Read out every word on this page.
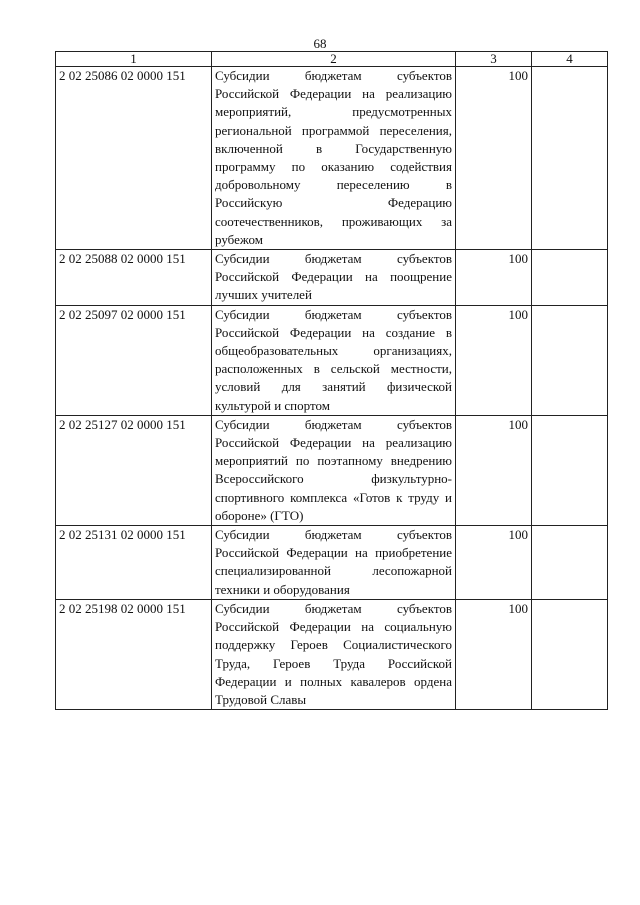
68
1	2	3	4
2 02 25086 02 0000 151	Субсидии бюджетам субъектов Российской Федерации на реализацию мероприятий, предусмотренных региональной программой переселения, включенной в Государственную программу по оказанию содействия добровольному переселению в Российскую Федерацию соотечественников, проживающих за рубежом	100	
2 02 25088 02 0000 151	Субсидии бюджетам субъектов Российской Федерации на поощрение лучших учителей	100	
2 02 25097 02 0000 151	Субсидии бюджетам субъектов Российской Федерации на создание в общеобразовательных организациях, расположенных в сельской местности, условий для занятий физической культурой и спортом	100	
2 02 25127 02 0000 151	Субсидии бюджетам субъектов Российской Федерации на реализацию мероприятий по поэтапному внедрению Всероссийского физкультурно-спортивного комплекса «Готов к труду и обороне» (ГТО)	100	
2 02 25131 02 0000 151	Субсидии бюджетам субъектов Российской Федерации на приобретение специализированной лесопожарной техники и оборудования	100	
2 02 25198 02 0000 151	Субсидии бюджетам субъектов Российской Федерации на социальную поддержку Героев Социалистического Труда, Героев Труда Российской Федерации и полных кавалеров ордена Трудовой Славы	100	
